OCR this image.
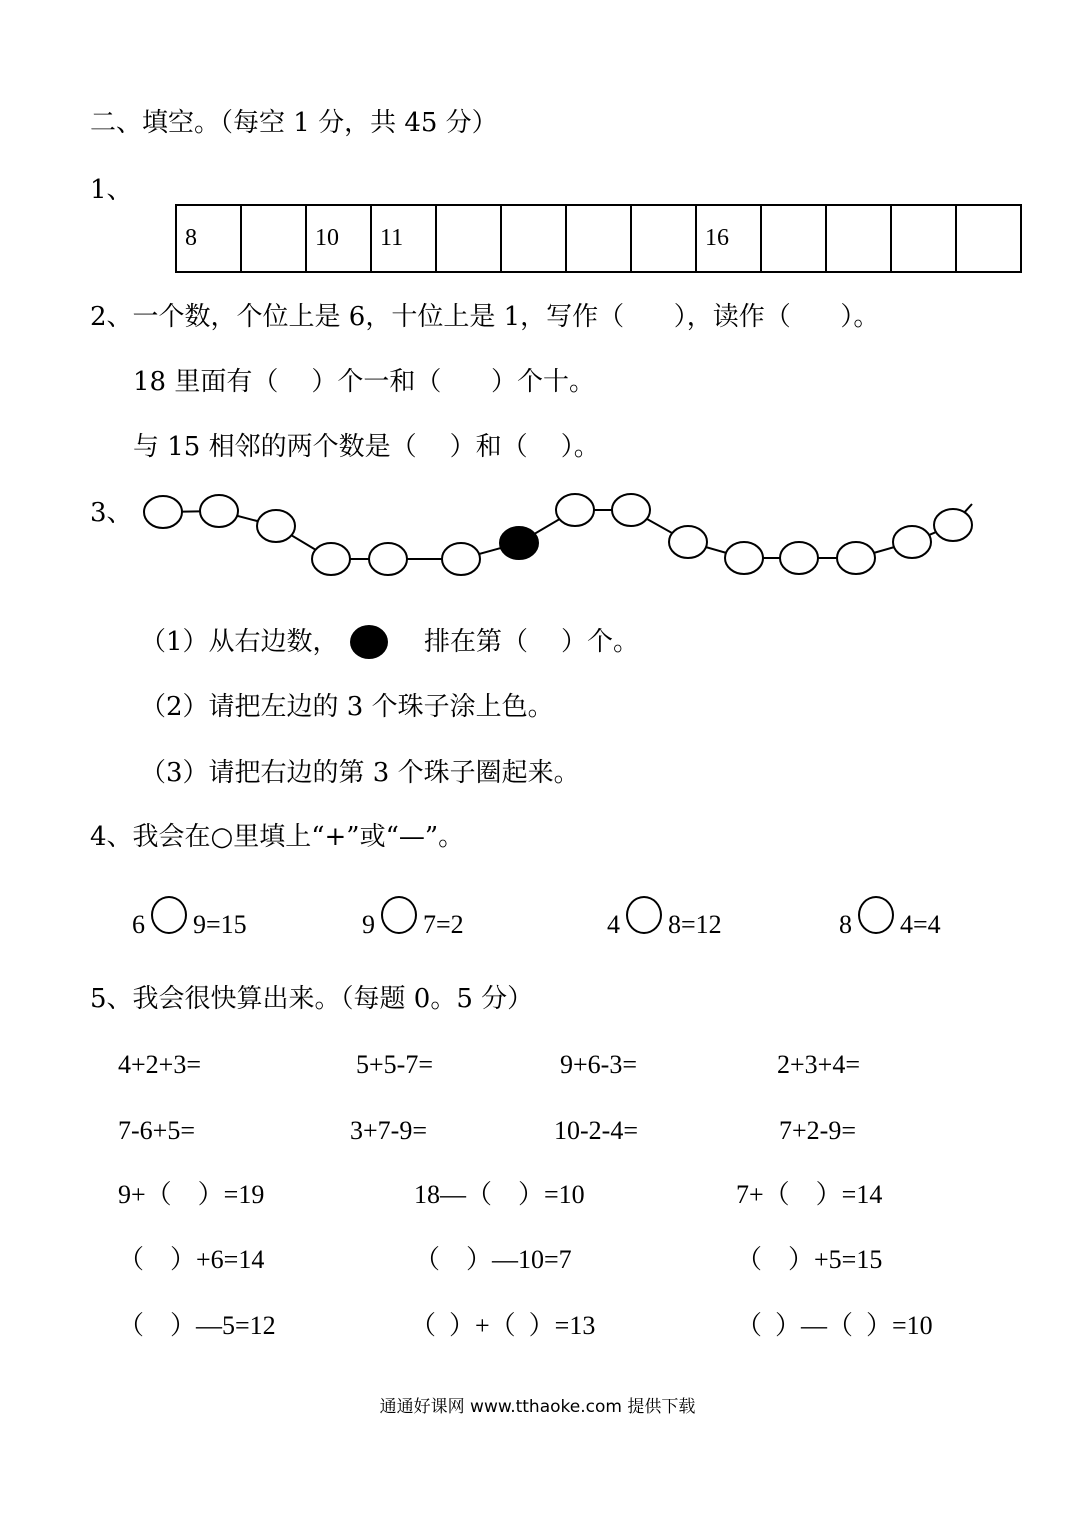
二、填空。（每空 1 分，共 45 分）
1、
8		10	11					16				
2、一个数，个位上是 6，十位上是 1，写作（      ），读作（      ）。
18 里面有（    ）个一和（      ）个十。
与 15 相邻的两个数是（    ）和（    ）。
3、
（1）从右边数，	排在第（    ）个。
（2）请把左边的 3 个珠子涂上色。
（3）请把右边的第 3 个珠子圈起来。
4、我会在○里填上“+”或“—”。
6 9=15	9 7=2	4 8=12	8 4=4
5、我会很快算出来。（每题 0。5 分）
4+2+3=	5+5-7=	9+6-3=	2+3+4=
7-6+5=	3+7-9=	10-2-4=	7+2-9=
9+（    ）=19	18—（    ）=10	7+（    ）=14
（    ）+6=14	（    ）—10=7	（    ）+5=15
（    ）—5=12	（  ）+（  ）=13	（  ）—（  ）=10
通通好课网 www.tthaoke.com 提供下载
